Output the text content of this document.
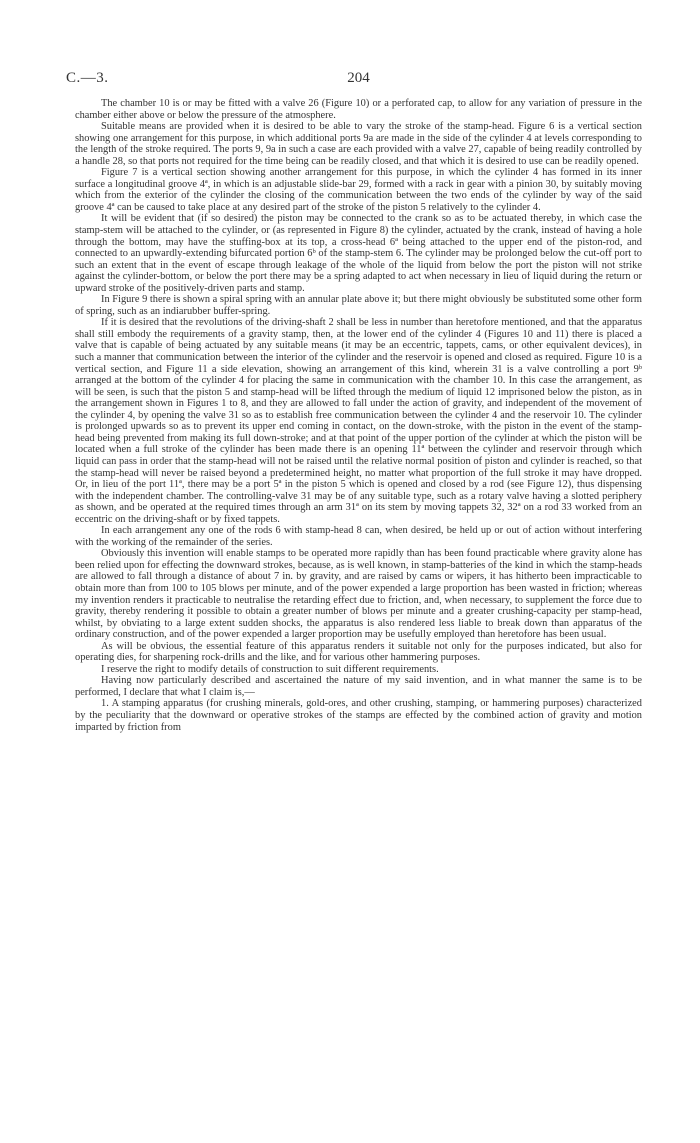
C.—3.	204

The chamber 10 is or may be fitted with a valve 26 (Figure 10) or a perforated cap, to allow for any variation of pressure in the chamber either above or below the pressure of the atmosphere.

Suitable means are provided when it is desired to be able to vary the stroke of the stamp-head. Figure 6 is a vertical section showing one arrangement for this purpose, in which additional ports 9a are made in the side of the cylinder 4 at levels corresponding to the length of the stroke required. The ports 9, 9a in such a case are each provided with a valve 27, capable of being readily controlled by a handle 28, so that ports not required for the time being can be readily closed, and that which it is desired to use can be readily opened.

Figure 7 is a vertical section showing another arrangement for this purpose, in which the cylinder 4 has formed in its inner surface a longitudinal groove 4ª, in which is an adjustable slide-bar 29, formed with a rack in gear with a pinion 30, by suitably moving which from the exterior of the cylinder the closing of the communication between the two ends of the cylinder by way of the said groove 4ª can be caused to take place at any desired part of the stroke of the piston 5 relatively to the cylinder 4.

It will be evident that (if so desired) the piston may be connected to the crank so as to be actuated thereby, in which case the stamp-stem will be attached to the cylinder, or (as represented in Figure 8) the cylinder, actuated by the crank, instead of having a hole through the bottom, may have the stuffing-box at its top, a cross-head 6ª being attached to the upper end of the piston-rod, and connected to an upwardly-extending bifurcated portion 6ᵇ of the stamp-stem 6. The cylinder may be prolonged below the cut-off port to such an extent that in the event of escape through leakage of the whole of the liquid from below the port the piston will not strike against the cylinder-bottom, or below the port there may be a spring adapted to act when necessary in lieu of liquid during the return or upward stroke of the positively-driven parts and stamp.

In Figure 9 there is shown a spiral spring with an annular plate above it; but there might obviously be substituted some other form of spring, such as an indiarubber buffer-spring.

If it is desired that the revolutions of the driving-shaft 2 shall be less in number than heretofore mentioned, and that the apparatus shall still embody the requirements of a gravity stamp, then, at the lower end of the cylinder 4 (Figures 10 and 11) there is placed a valve that is capable of being actuated by any suitable means (it may be an eccentric, tappets, cams, or other equivalent devices), in such a manner that communication between the interior of the cylinder and the reservoir is opened and closed as required. Figure 10 is a vertical section, and Figure 11 a side elevation, showing an arrangement of this kind, wherein 31 is a valve controlling a port 9ᵇ arranged at the bottom of the cylinder 4 for placing the same in communication with the chamber 10. In this case the arrangement, as will be seen, is such that the piston 5 and stamp-head will be lifted through the medium of liquid 12 imprisoned below the piston, as in the arrangement shown in Figures 1 to 8, and they are allowed to fall under the action of gravity, and independent of the movement of the cylinder 4, by opening the valve 31 so as to establish free communication between the cylinder 4 and the reservoir 10. The cylinder is prolonged upwards so as to prevent its upper end coming in contact, on the down-stroke, with the piston in the event of the stamp-head being prevented from making its full down-stroke; and at that point of the upper portion of the cylinder at which the piston will be located when a full stroke of the cylinder has been made there is an opening 11ª between the cylinder and reservoir through which liquid can pass in order that the stamp-head will not be raised until the relative normal position of piston and cylinder is reached, so that the stamp-head will never be raised beyond a predetermined height, no matter what proportion of the full stroke it may have dropped. Or, in lieu of the port 11ª, there may be a port 5ª in the piston 5 which is opened and closed by a rod (see Figure 12), thus dispensing with the independent chamber. The controlling-valve 31 may be of any suitable type, such as a rotary valve having a slotted periphery as shown, and be operated at the required times through an arm 31ª on its stem by moving tappets 32, 32ª on a rod 33 worked from an eccentric on the driving-shaft or by fixed tappets.

In each arrangement any one of the rods 6 with stamp-head 8 can, when desired, be held up or out of action without interfering with the working of the remainder of the series.

Obviously this invention will enable stamps to be operated more rapidly than has been found practicable where gravity alone has been relied upon for effecting the downward strokes, because, as is well known, in stamp-batteries of the kind in which the stamp-heads are allowed to fall through a distance of about 7 in. by gravity, and are raised by cams or wipers, it has hitherto been impracticable to obtain more than from 100 to 105 blows per minute, and of the power expended a large proportion has been wasted in friction; whereas my invention renders it practicable to neutralise the retarding effect due to friction, and, when necessary, to supplement the force due to gravity, thereby rendering it possible to obtain a greater number of blows per minute and a greater crushing-capacity per stamp-head, whilst, by obviating to a large extent sudden shocks, the apparatus is also rendered less liable to break down than apparatus of the ordinary construction, and of the power expended a larger proportion may be usefully employed than heretofore has been usual.

As will be obvious, the essential feature of this apparatus renders it suitable not only for the purposes indicated, but also for operating dies, for sharpening rock-drills and the like, and for various other hammering purposes.

I reserve the right to modify details of construction to suit different requirements.

Having now particularly described and ascertained the nature of my said invention, and in what manner the same is to be performed, I declare that what I claim is,—

1. A stamping apparatus (for crushing minerals, gold-ores, and other crushing, stamping, or hammering purposes) characterized by the peculiarity that the downward or operative strokes of the stamps are effected by the combined action of gravity and motion imparted by friction from
